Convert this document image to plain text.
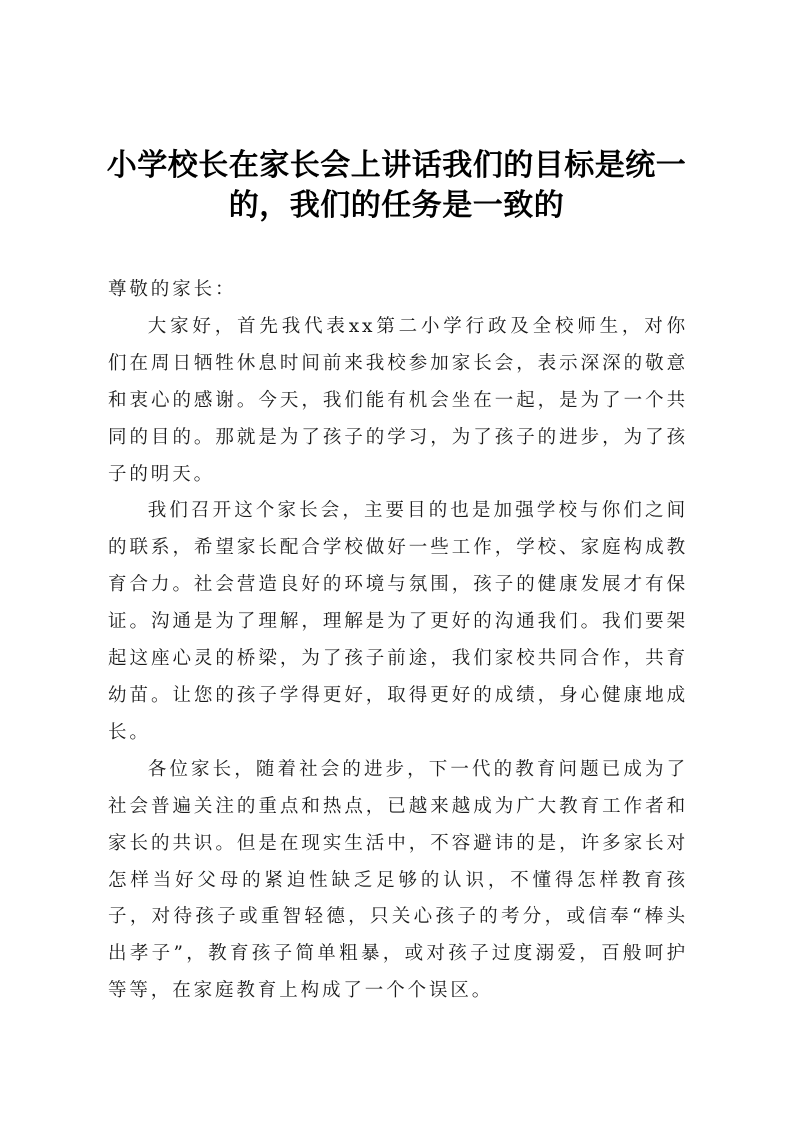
小学校长在家长会上讲话我们的目标是统一的，我们的任务是一致的

尊敬的家长：

大家好，首先我代表xx第二小学行政及全校师生，对你们在周日牺牲休息时间前来我校参加家长会，表示深深的敬意和衷心的感谢。今天，我们能有机会坐在一起，是为了一个共同的目的。那就是为了孩子的学习，为了孩子的进步，为了孩子的明天。

我们召开这个家长会，主要目的也是加强学校与你们之间的联系，希望家长配合学校做好一些工作，学校、家庭构成教育合力。社会营造良好的环境与氛围，孩子的健康发展才有保证。沟通是为了理解，理解是为了更好的沟通我们。我们要架起这座心灵的桥梁，为了孩子前途，我们家校共同合作，共育幼苗。让您的孩子学得更好，取得更好的成绩，身心健康地成长。

各位家长，随着社会的进步，下一代的教育问题已成为了社会普遍关注的重点和热点，已越来越成为广大教育工作者和家长的共识。但是在现实生活中，不容避讳的是，许多家长对怎样当好父母的紧迫性缺乏足够的认识，不懂得怎样教育孩子，对待孩子或重智轻德，只关心孩子的考分，或信奉“棒头出孝子”，教育孩子简单粗暴，或对孩子过度溺爱，百般呵护等等，在家庭教育上构成了一个个误区。
